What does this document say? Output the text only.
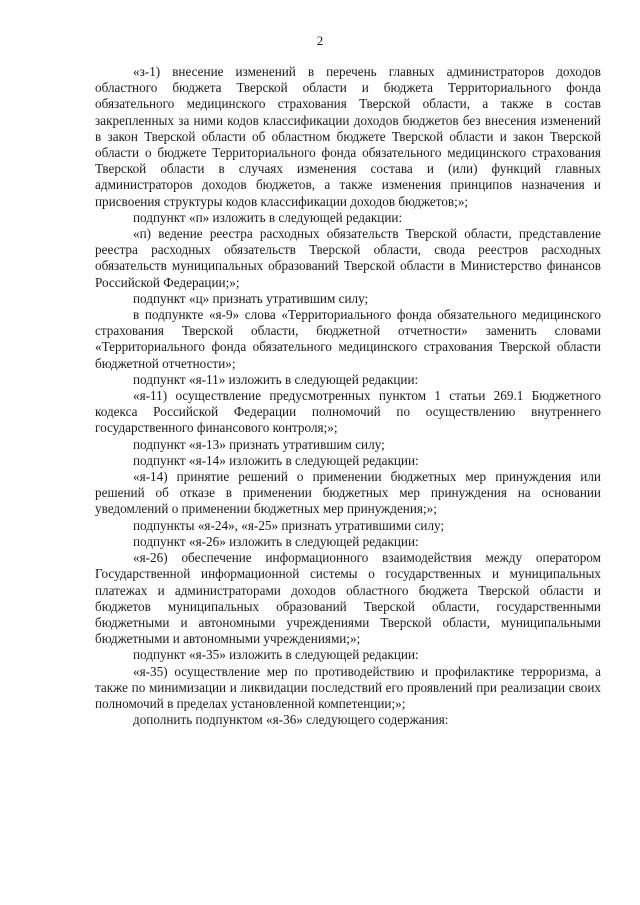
2

«з-1) внесение изменений в перечень главных администраторов доходов областного бюджета Тверской области и бюджета Территориального фонда обязательного медицинского страхования Тверской области, а также в состав закрепленных за ними кодов классификации доходов бюджетов без внесения изменений в закон Тверской области об областном бюджете Тверской области и закон Тверской области о бюджете Территориального фонда обязательного медицинского страхования Тверской области в случаях изменения состава и (или) функций главных администраторов доходов бюджетов, а также изменения принципов назначения и присвоения структуры кодов классификации доходов бюджетов;»;

подпункт «п» изложить в следующей редакции:

«п) ведение реестра расходных обязательств Тверской области, представление реестра расходных обязательств Тверской области, свода реестров расходных обязательств муниципальных образований Тверской области в Министерство финансов Российской Федерации;»;

подпункт «ц» признать утратившим силу;

в подпункте «я-9» слова «Территориального фонда обязательного медицинского страхования Тверской области, бюджетной отчетности» заменить словами «Территориального фонда обязательного медицинского страхования Тверской области бюджетной отчетности»;

подпункт «я-11» изложить в следующей редакции:

«я-11) осуществление предусмотренных пунктом 1 статьи 269.1 Бюджетного кодекса Российской Федерации полномочий по осуществлению внутреннего государственного финансового контроля;»;

подпункт «я-13» признать утратившим силу;

подпункт «я-14» изложить в следующей редакции:

«я-14) принятие решений о применении бюджетных мер принуждения или решений об отказе в применении бюджетных мер принуждения на основании уведомлений о применении бюджетных мер принуждения;»;

подпункты «я-24», «я-25» признать утратившими силу;

подпункт «я-26» изложить в следующей редакции:

«я-26) обеспечение информационного взаимодействия между оператором Государственной информационной системы о государственных и муниципальных платежах и администраторами доходов областного бюджета Тверской области и бюджетов муниципальных образований Тверской области, государственными бюджетными и автономными учреждениями Тверской области, муниципальными бюджетными и автономными учреждениями;»;

подпункт «я-35» изложить в следующей редакции:

«я-35) осуществление мер по противодействию и профилактике терроризма, а также по минимизации и ликвидации последствий его проявлений при реализации своих полномочий в пределах установленной компетенции;»;

дополнить подпунктом «я-36» следующего содержания:
